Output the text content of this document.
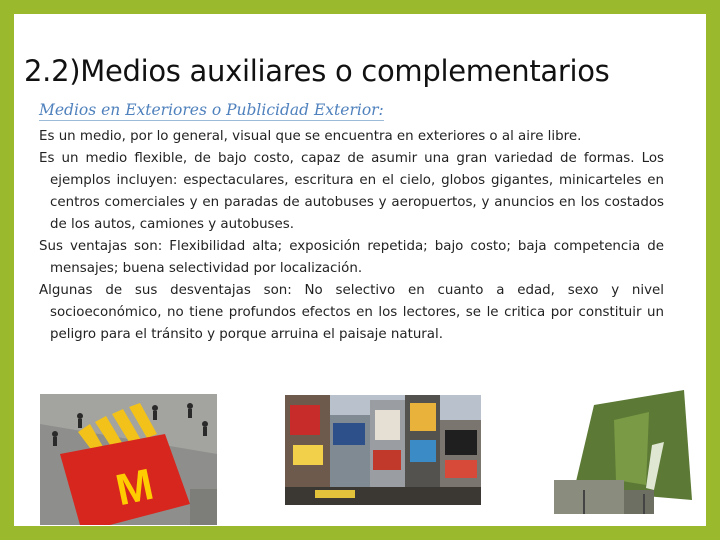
2.2)Medios auxiliares o complementarios
Medios en Exteriores o Publicidad Exterior:

Es un medio, por lo general, visual que se encuentra en exteriores o al aire libre.

Es un medio flexible, de bajo costo, capaz de asumir una gran variedad de formas. Los ejemplos incluyen: espectaculares, escritura en el cielo, globos gigantes, minicarteles en centros comerciales y en paradas de autobuses y aeropuertos, y anuncios en los costados de los autos, camiones y autobuses.

Sus ventajas son: Flexibilidad alta; exposición repetida; bajo costo; baja competencia de mensajes; buena selectividad por localización.

Algunas de sus desventajas son: No selectivo en cuanto a edad, sexo y nivel socioeconómico, no tiene profundos efectos en los lectores, se le critica por constituir un peligro para el tránsito y porque arruina el paisaje natural.

M
